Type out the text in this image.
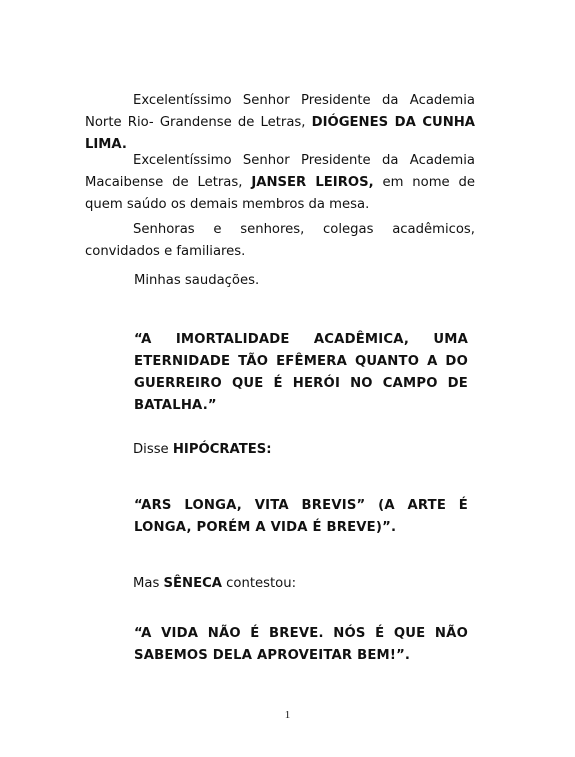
Excelentíssimo Senhor Presidente da Academia Norte Rio- Grandense de Letras, DIÓGENES DA CUNHA LIMA.

Excelentíssimo Senhor Presidente da Academia Macaibense de Letras, JANSER LEIROS, em nome de quem saúdo os demais membros da mesa.

Senhoras e senhores, colegas acadêmicos, convidados e familiares.

Minhas saudações.

“A IMORTALIDADE ACADÊMICA, UMA ETERNIDADE TÃO EFÊMERA QUANTO A DO GUERREIRO QUE É HERÓI NO CAMPO DE BATALHA.”

Disse HIPÓCRATES:

“ARS LONGA, VITA BREVIS” (A ARTE É LONGA, PORÉM A VIDA É BREVE)”.

Mas SÊNECA contestou:

“A VIDA NÃO É BREVE. NÓS É QUE NÃO SABEMOS DELA APROVEITAR BEM!”.

1
